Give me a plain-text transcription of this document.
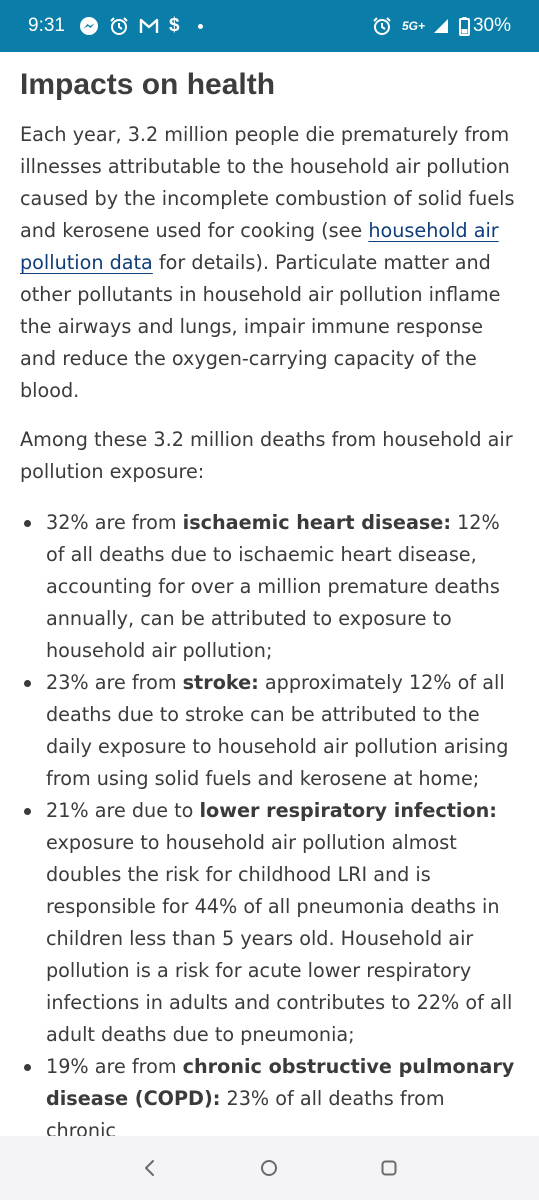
9:31	$	5G+	30%
Impacts on health

Each year, 3.2 million people die prematurely from illnesses attributable to the household air pollution caused by the incomplete combustion of solid fuels and kerosene used for cooking (see household air pollution data for details). Particulate matter and other pollutants in household air pollution inflame the airways and lungs, impair immune response and reduce the oxygen-carrying capacity of the blood.

Among these 3.2 million deaths from household air pollution exposure:

32% are from ischaemic heart disease: 12% of all deaths due to ischaemic heart disease, accounting for over a million premature deaths annually, can be attributed to exposure to household air pollution;
23% are from stroke: approximately 12% of all deaths due to stroke can be attributed to the daily exposure to household air pollution arising from using solid fuels and kerosene at home;
21% are due to lower respiratory infection: exposure to household air pollution almost doubles the risk for childhood LRI and is responsible for 44% of all pneumonia deaths in children less than 5 years old. Household air pollution is a risk for acute lower respiratory infections in adults and contributes to 22% of all adult deaths due to pneumonia;
19% are from chronic obstructive pulmonary disease (COPD): 23% of all deaths from chronic
